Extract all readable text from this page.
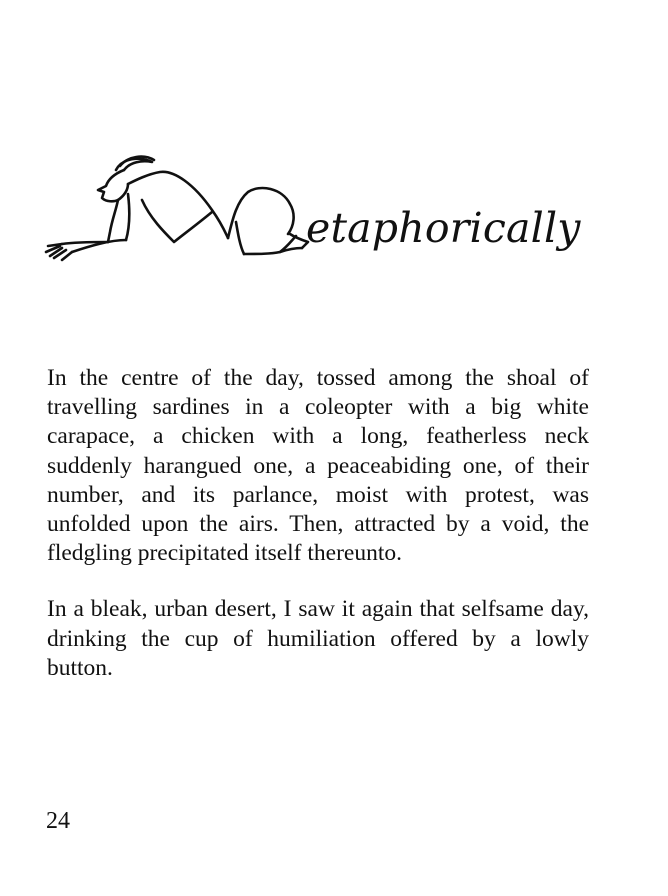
etaphorically

In the centre of the day, tossed among the shoal of travelling sardines in a coleopter with a big white carapace, a chicken with a long, featherless neck suddenly harangued one, a peaceabiding one, of their number, and its parlance, moist with protest, was unfolded upon the airs. Then, attracted by a void, the fledgling precipitated itself thereunto.

In a bleak, urban desert, I saw it again that selfsame day, drinking the cup of humiliation offered by a lowly button.

24
